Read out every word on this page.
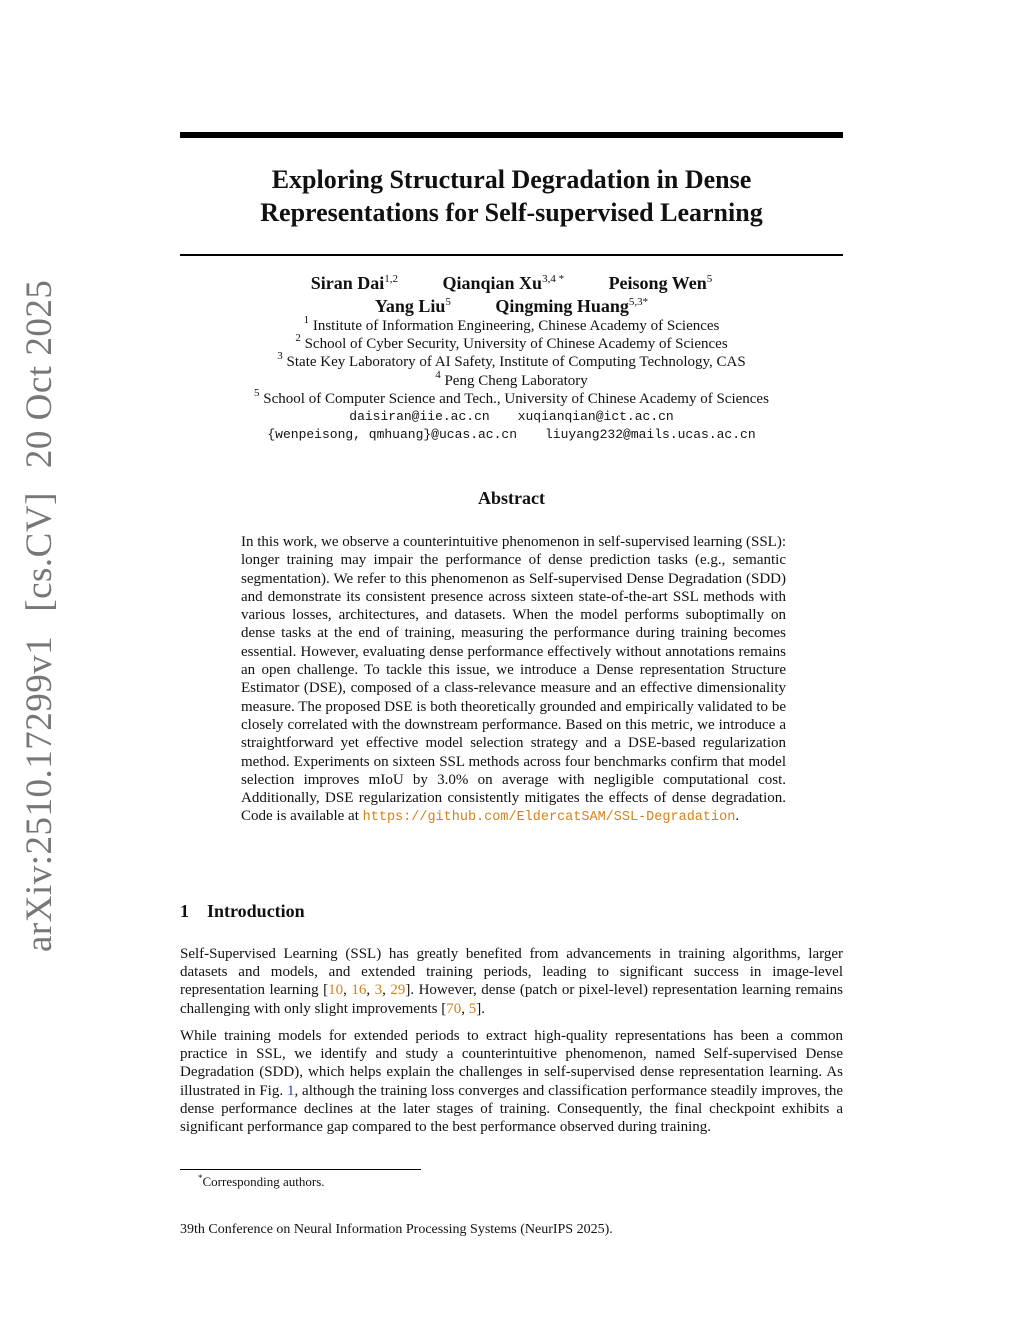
arXiv:2510.17299v1[cs.CV]20 Oct 2025
Exploring Structural Degradation in Dense
Representations for Self-supervised Learning
Siran Dai$^{1,2}$ Qianqian $Xu^{3,4 *}$ Peisong Wen$^5$
Yang Liu$^5$ Qingming Huang$^{5,3*}$
$^1$ Institute of Information Engineering, Chinese Academy of Sciences
$^2$ School of Cyber Security, University of Chinese Academy of Sciences
$^3$ State Key Laboratory of AI Safety, Institute of Computing Technology, CAS
$^4$ Peng Cheng Laboratory
$^5$ School of Computer Science and Tech., University of Chinese Academy of Sciences
daisiran@iie.ac.cn xuqianqian@ict.ac.cn
{wenpeisong, qmhuang}@ucas.ac.cn liuyang232@mails.ucas.ac.cn
Abstract
In this work, we observe a counterintuitive phenomenon in self-supervised learning (SSL): longer training may impair the performance of dense prediction tasks (e.g., semantic segmentation). We refer to this phenomenon as Self-supervised Dense Degradation (SDD) and demonstrate its consistent presence across sixteen state-of-the-art SSL methods with various losses, architectures, and datasets. When the model performs suboptimally on dense tasks at the end of training, measuring the performance during training becomes essential. However, evaluating dense performance effectively without annotations remains an open challenge. To tackle this issue, we introduce a Dense representation Structure Estimator (DSE), composed of a class-relevance measure and an effective dimensionality measure. The proposed DSE is both theoretically grounded and empirically validated to be closely correlated with the downstream performance. Based on this metric, we introduce a straightforward yet effective model selection strategy and a DSE-based regularization method. Experiments on sixteen SSL methods across four benchmarks confirm that model selection improves mIoU by 3.0% on average with negligible computational cost. Additionally, DSE regularization consistently mitigates the effects of dense degradation. Code is available at https://github.com/EldercatSAM/SSL-Degradation.
1 Introduction
Self-Supervised Learning (SSL) has greatly benefited from advancements in training algorithms, larger datasets and models, and extended training periods, leading to significant success in image-level representation learning [10, 16, 3, 29]. However, dense (patch or pixel-level) representation learning remains challenging with only slight improvements [70, 5].
While training models for extended periods to extract high-quality representations has been a common practice in SSL, we identify and study a counterintuitive phenomenon, named Self-supervised Dense Degradation (SDD), which helps explain the challenges in self-supervised dense representation learning. As illustrated in Fig. 1, although the training loss converges and classification performance steadily improves, the dense performance declines at the later stages of training. Consequently, the final checkpoint exhibits a significant performance gap compared to the best performance observed during training.
*Corresponding authors.
39th Conference on Neural Information Processing Systems (NeurIPS 2025).
